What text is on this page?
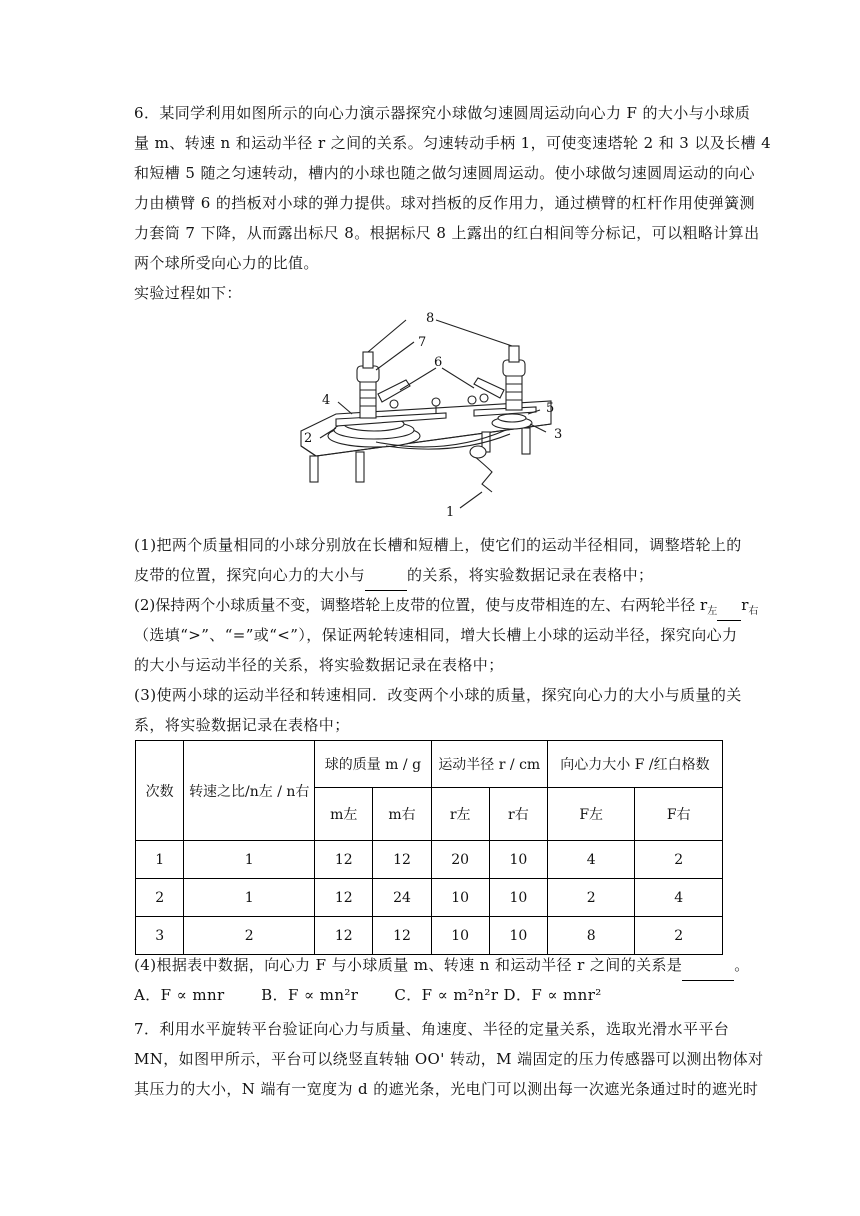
6．某同学利用如图所示的向心力演示器探究小球做匀速圆周运动向心力 F 的大小与小球质
量 m、转速 n 和运动半径 r 之间的关系。匀速转动手柄 1，可使变速塔轮 2 和 3 以及长槽 4
和短槽 5 随之匀速转动，槽内的小球也随之做匀速圆周运动。使小球做匀速圆周运动的向心
力由横臂 6 的挡板对小球的弹力提供。球对挡板的反作用力，通过横臂的杠杆作用使弹簧测
力套筒 7 下降，从而露出标尺 8。根据标尺 8 上露出的红白相间等分标记，可以粗略计算出
两个球所受向心力的比值。
实验过程如下：
8
7
6
4
2
5
3
1
(1)把两个质量相同的小球分别放在长槽和短槽上，使它们的运动半径相同，调整塔轮上的
皮带的位置，探究向心力的大小与	的关系，将实验数据记录在表格中；
(2)保持两个小球质量不变，调整塔轮上皮带的位置，使与皮带相连的左、右两轮半径 $r_左$ $r_右$
（选填“>”、“=”或“<”），保证两轮转速相同，增大长槽上小球的运动半径，探究向心力
的大小与运动半径的关系，将实验数据记录在表格中；
(3)使两小球的运动半径和转速相同．改变两个小球的质量，探究向心力的大小与质量的关
系，将实验数据记录在表格中；
次数	转速之比/n左 / n右	球的质量 m / g		运动半径 r / cm		向心力大小 F /红白格数	
		m左	m右	r左	r右	F左	F右
1	1	12	12	20	10	4	2
2	1	12	24	10	10	2	4
3	2	12	12	10	10	8	2
(4)根据表中数据，向心力 F 与小球质量 m、转速 n 和运动半径 r 之间的关系是	。
A．F ∝ mnr B．F ∝ mn²r C．F ∝ m²n²r D．F ∝ mnr²
7．利用水平旋转平台验证向心力与质量、角速度、半径的定量关系，选取光滑水平平台
MN，如图甲所示，平台可以绕竖直转轴 OO' 转动，M 端固定的压力传感器可以测出物体对
其压力的大小，N 端有一宽度为 d 的遮光条，光电门可以测出每一次遮光条通过时的遮光时
